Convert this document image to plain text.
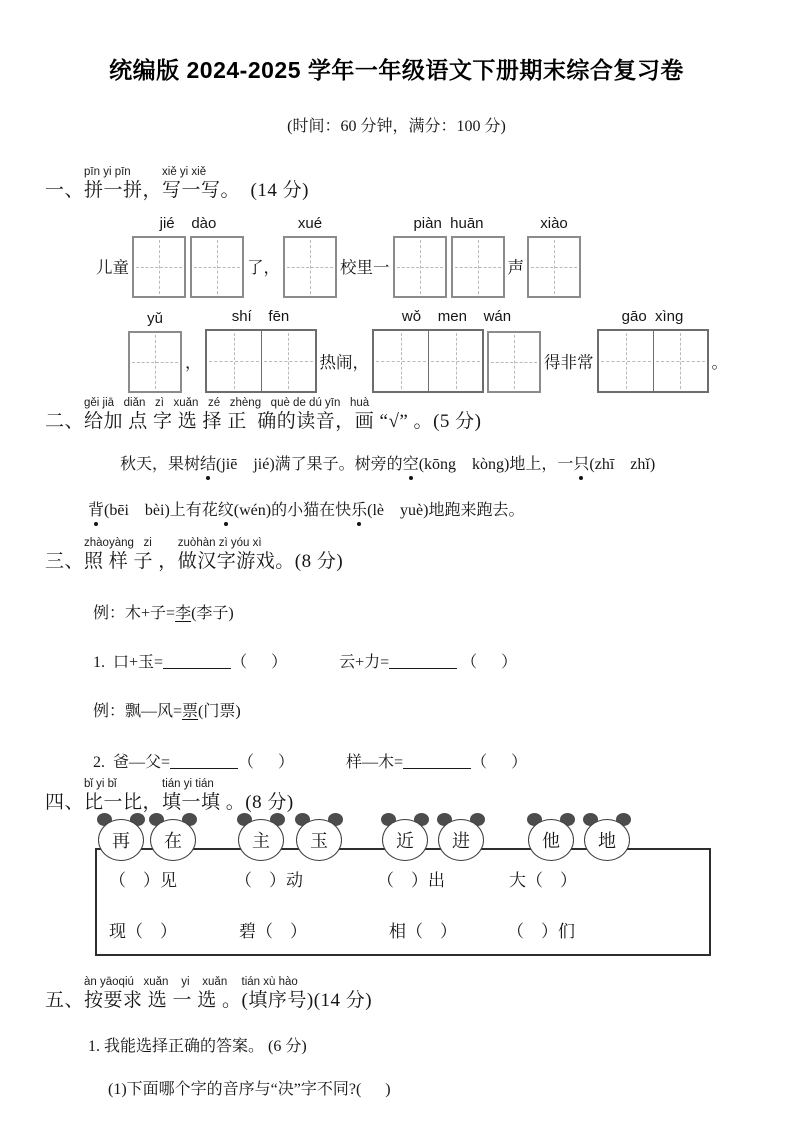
统编版 2024-2025 学年一年级语文下册期末综合复习卷
(时间：60 分钟，满分：100 分)

一、
pīn yi pīn
拼一拼，
xiě yi xiě
写一写。
(14 分)
儿童
jié    dào
了，
xué
校里一
piàn  huān
声
xiào
yǔ
，
shí    fēn
热闹，
wǒ    men    wán
得非常
gāo  xìng
。

二、
gěi jiā   diǎn   zì   xuǎn   zé   zhèng   què de dú yīn   huà
给加 点 字 选 择 正  确的读音，画 “√” 。
(5 分)
秋天，果树结(jiē　jié)满了果子。树旁的空(kōng　kòng)地上，一只(zhī　zhǐ)
背(bēi　bèi)上有花纹(wén)的小猫在快乐(lè　yuè)地跑来跑去。

三、
zhàoyàng   zi
照 样 子 ，
zuòhàn zì yóu xì
做汉字游戏。
(8 分)
例：木+子=李(李子)
1.  口+玉=	（      ）	云+力=	（      ）
例：飘—风=票(门票)
2.  爸—父=	（      ）	样—木=	（      ）

四、
bǐ yi bǐ
比一比，
tián yi tián
填一填 。
(8 分)
再	在	主	玉	近	进	他	地
（    ）见	（    ）动	（    ）出	大（    ）
现（    ）	碧（    ）	相（    ）	（    ）们

五、
àn yāoqiú   xuǎn    yi    xuǎn
按要求 选 一 选 。
tián xù hào
(填序号)
(14 分)
1. 我能选择正确的答案。 (6 分)
(1)下面哪个字的音序与“决”字不同?(      )
